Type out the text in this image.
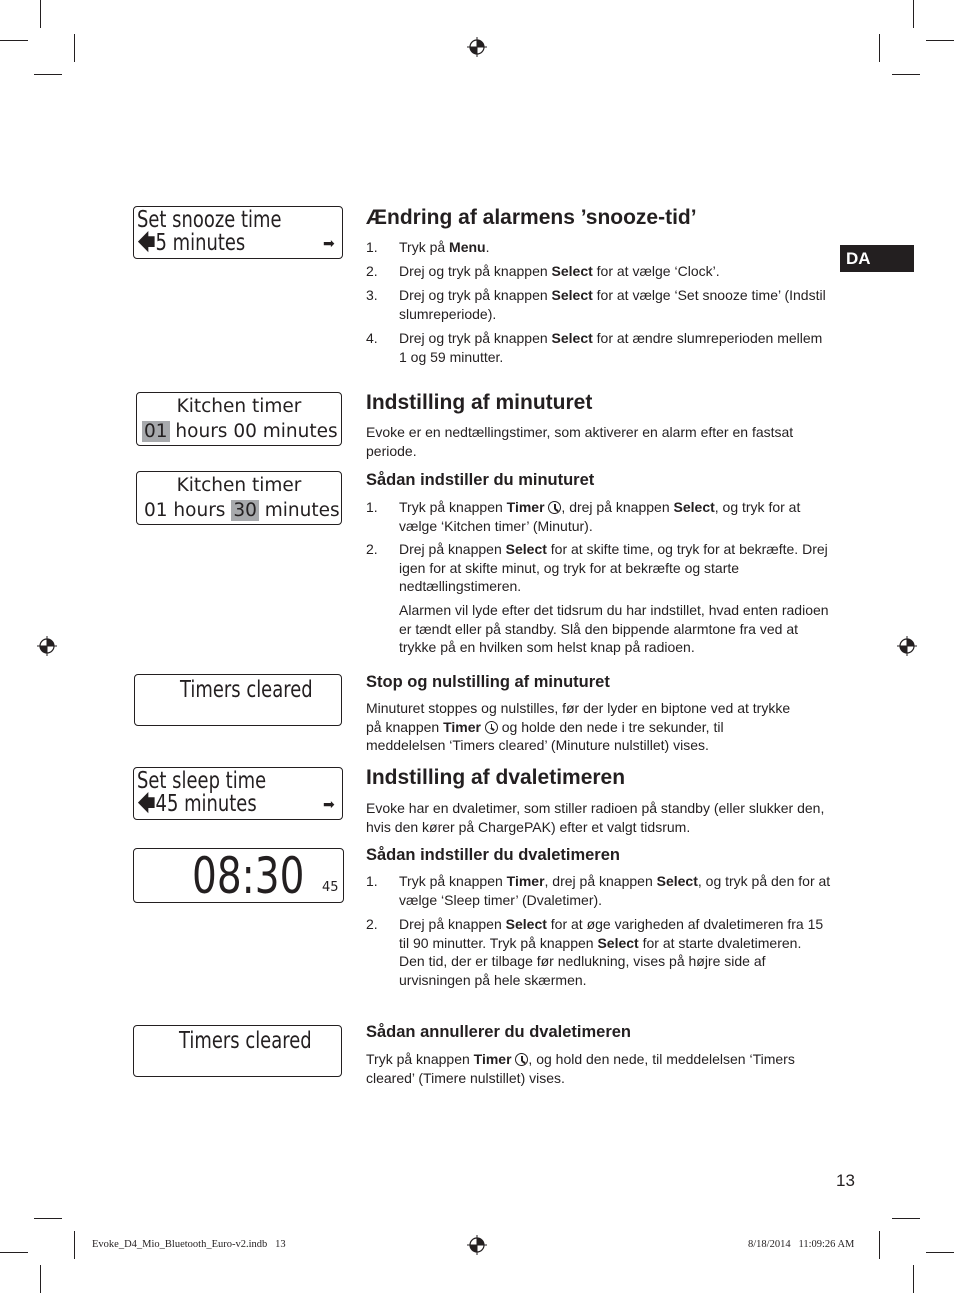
DA
Set snooze time
🡄5 minutes	➡
Kitchen timer
01 hours 00 minutes
Kitchen timer
01 hours 30 minutes
Timers cleared
Set sleep time
🡄45 minutes	➡
08:30	45
Timers cleared
Ændring af alarmens ’snooze-tid’
1. Tryk på Menu.
2. Drej og tryk på knappen Select for at vælge ‘Clock’.
3. Drej og tryk på knappen Select for at vælge ‘Set snooze time’ (Indstil slumreperiode).
4. Drej og tryk på knappen Select for at ændre slumreperioden mellem 1 og 59 minutter.
Indstilling af minuturet
Evoke er en nedtællingstimer, som aktiverer en alarm efter en fastsat periode.
Sådan indstiller du minuturet
1. Tryk på knappen Timer , drej på knappen Select, og tryk for at vælge ‘Kitchen timer’ (Minutur).
2. Drej på knappen Select for at skifte time, og tryk for at bekræfte. Drej igen for at skifte minut, og tryk for at bekræfte og starte nedtællingstimeren.
Alarmen vil lyde efter det tidsrum du har indstillet, hvad enten radioen er tændt eller på standby. Slå den bippende alarmtone fra ved at trykke på en hvilken som helst knap på radioen.
Stop og nulstilling af minuturet
Minuturet stoppes og nulstilles, før der lyder en biptone ved at trykke på knappen Timer  og holde den nede i tre sekunder, til meddelelsen ‘Timers cleared’ (Minuture nulstillet) vises.
Indstilling af dvaletimeren
Evoke har en dvaletimer, som stiller radioen på standby (eller slukker den, hvis den kører på ChargePAK) efter et valgt tidsrum.
Sådan indstiller du dvaletimeren
1. Tryk på knappen Timer, drej på knappen Select, og tryk på den for at vælge ‘Sleep timer’ (Dvaletimer).
2. Drej på knappen Select for at øge varigheden af dvaletimeren fra 15 til 90 minutter. Tryk på knappen Select for at starte dvaletimeren.
Den tid, der er tilbage før nedlukning, vises på højre side af urvisningen på hele skærmen.
Sådan annullerer du dvaletimeren
Tryk på knappen Timer , og hold den nede, til meddelelsen ‘Timers cleared’ (Timere nulstillet) vises.
13
Evoke_D4_Mio_Bluetooth_Euro-v2.indb   13	8/18/2014   11:09:26 AM
